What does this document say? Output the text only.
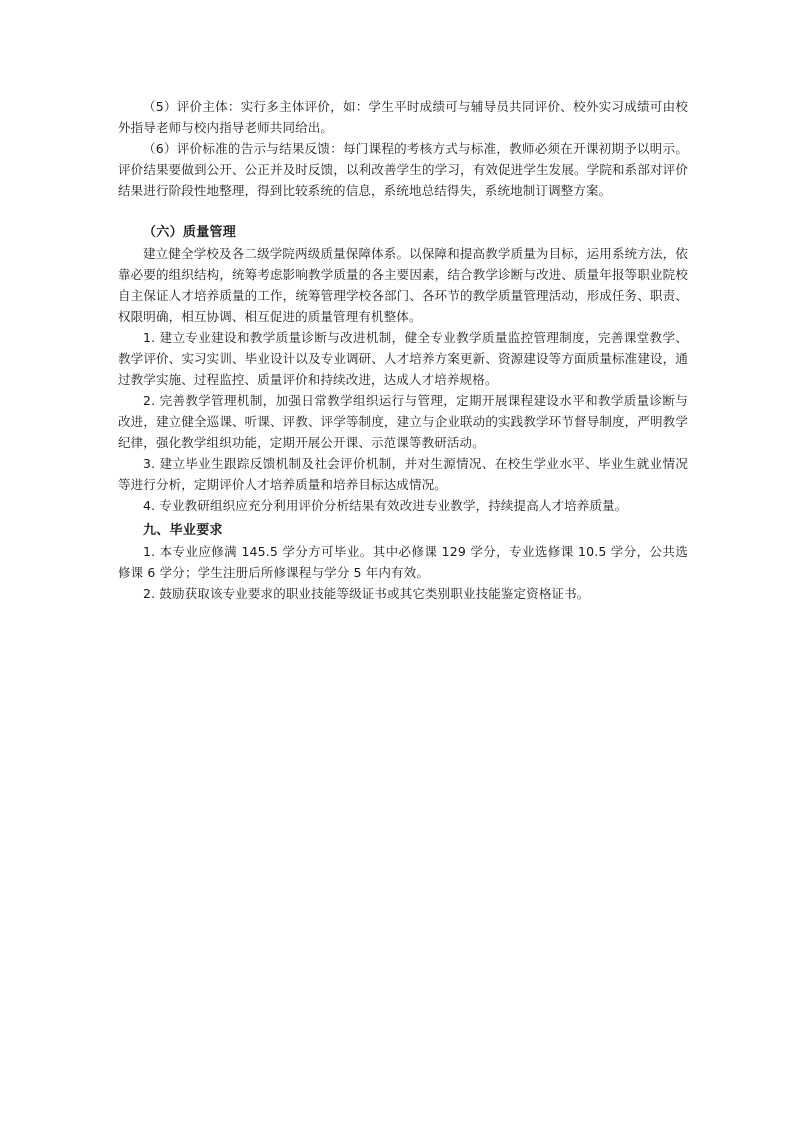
（5）评价主体：实行多主体评价，如：学生平时成绩可与辅导员共同评价、校外实习成绩可由校外指导老师与校内指导老师共同给出。

（6）评价标准的告示与结果反馈：每门课程的考核方式与标准，教师必须在开课初期予以明示。评价结果要做到公开、公正并及时反馈，以利改善学生的学习，有效促进学生发展。学院和系部对评价结果进行阶段性地整理，得到比较系统的信息，系统地总结得失，系统地制订调整方案。

（六）质量管理

建立健全学校及各二级学院两级质量保障体系。以保障和提高教学质量为目标，运用系统方法，依靠必要的组织结构，统筹考虑影响教学质量的各主要因素，结合教学诊断与改进、质量年报等职业院校自主保证人才培养质量的工作，统筹管理学校各部门、各环节的教学质量管理活动，形成任务、职责、权限明确，相互协调、相互促进的质量管理有机整体。

1. 建立专业建设和教学质量诊断与改进机制，健全专业教学质量监控管理制度，完善课堂教学、教学评价、实习实训、毕业设计以及专业调研、人才培养方案更新、资源建设等方面质量标准建设，通过教学实施、过程监控、质量评价和持续改进，达成人才培养规格。

2. 完善教学管理机制，加强日常教学组织运行与管理，定期开展课程建设水平和教学质量诊断与改进，建立健全巡课、听课、评教、评学等制度，建立与企业联动的实践教学环节督导制度，严明教学纪律，强化教学组织功能，定期开展公开课、示范课等教研活动。

3. 建立毕业生跟踪反馈机制及社会评价机制，并对生源情况、在校生学业水平、毕业生就业情况等进行分析，定期评价人才培养质量和培养目标达成情况。

4. 专业教研组织应充分利用评价分析结果有效改进专业教学，持续提高人才培养质量。

九、毕业要求

1. 本专业应修满 145.5 学分方可毕业。其中必修课 129 学分，专业选修课 10.5 学分，公共选修课 6 学分；学生注册后所修课程与学分 5 年内有效。

2. 鼓励获取该专业要求的职业技能等级证书或其它类别职业技能鉴定资格证书。
